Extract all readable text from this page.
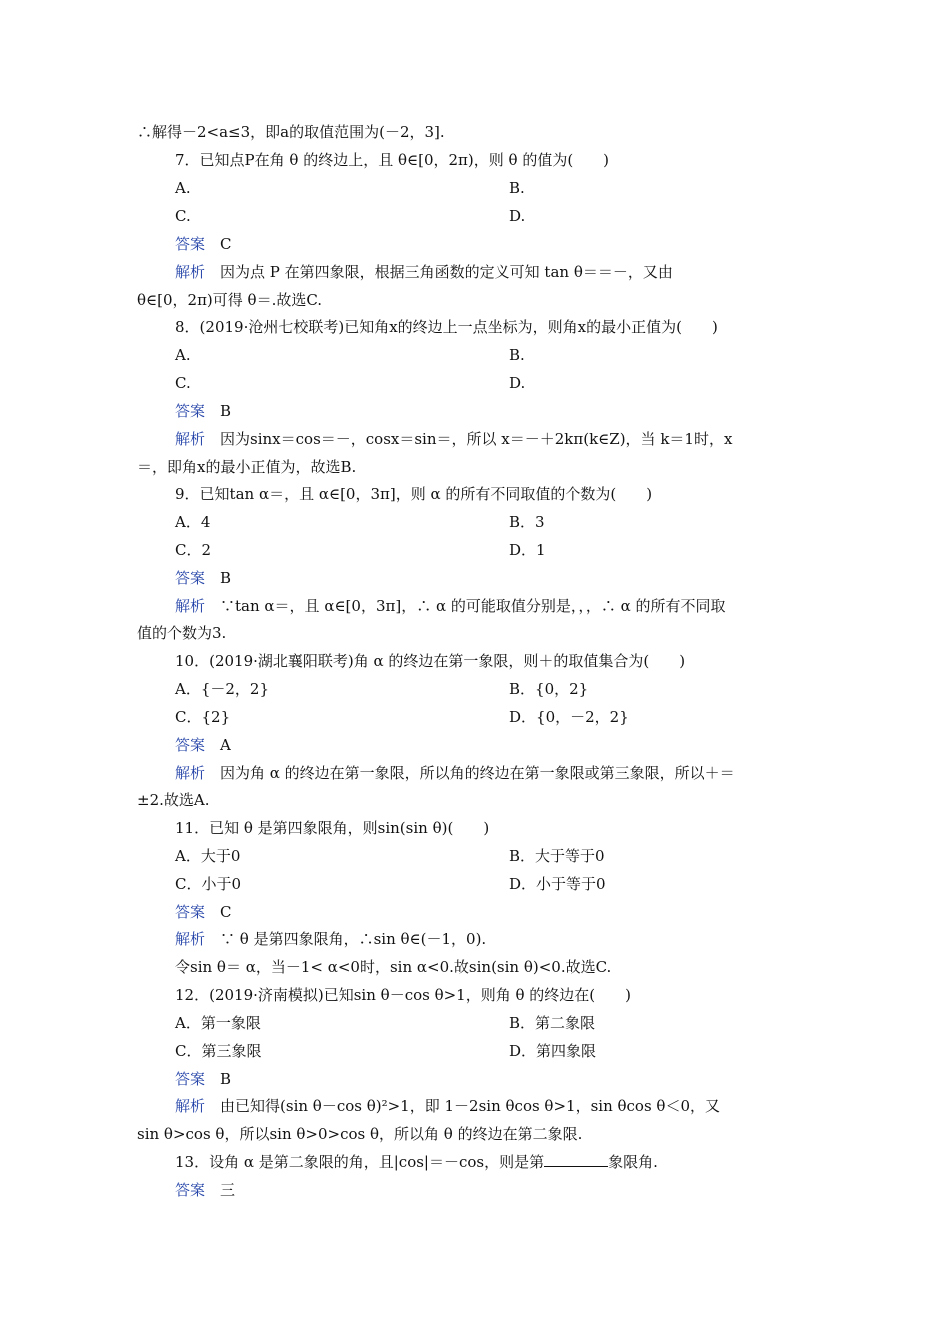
∴解得－2<a≤3，即a的取值范围为(－2，3].
7．已知点P在角 θ 的终边上，且 θ∈[0，2π)，则 θ 的值为(　　)
A.	B.
C.	D.
答案　 C
解析　因为点 P 在第四象限，根据三角函数的定义可知 tan θ＝＝－，又由
θ∈[0，2π)可得 θ＝.故选C.
8．(2019·沧州七校联考)已知角x的终边上一点坐标为，则角x的最小正值为(　　)
A.	B.
C.	D.
答案　 B
解析　因为sinx＝cos＝－，cosx＝sin＝，所以 x＝－＋2kπ(k∈Z)，当 k＝1时，x
＝，即角x的最小正值为，故选B.
9．已知tan α＝，且 α∈[0，3π]，则 α 的所有不同取值的个数为(　　)
A．4	B．3
C．2	D．1
答案　 B
解析　∵tan α＝，且 α∈[0，3π]，∴ α 的可能取值分别是，，，∴ α 的所有不同取
值的个数为3.
10．(2019·湖北襄阳联考)角 α 的终边在第一象限，则＋的取值集合为(　　)
A．{－2，2}	B．{0，2}
C．{2}	D．{0，－2，2}
答案　 A
解析　因为角 α 的终边在第一象限，所以角的终边在第一象限或第三象限，所以＋＝
±2.故选A.
11．已知 θ 是第四象限角，则sin(sin θ)(　　)
A．大于0	B．大于等于0
C．小于0	D．小于等于0
答案　 C
解析　∵ θ 是第四象限角，∴sin θ∈(－1，0).
令sin θ＝ α，当－1< α<0时，sin α<0.故sin(sin θ)<0.故选C.
12．(2019·济南模拟)已知sin θ－cos θ>1，则角 θ 的终边在(　　)
A．第一象限	B．第二象限
C．第三象限	D．第四象限
答案　 B
解析　由已知得(sin θ－cos θ)²>1，即 1－2sin θcos θ>1，sin θcos θ＜0，又
sin θ>cos θ，所以sin θ>0>cos θ，所以角 θ 的终边在第二象限.
13．设角 α 是第二象限的角，且|cos|＝－cos，则是第	象限角.
答案　 三
